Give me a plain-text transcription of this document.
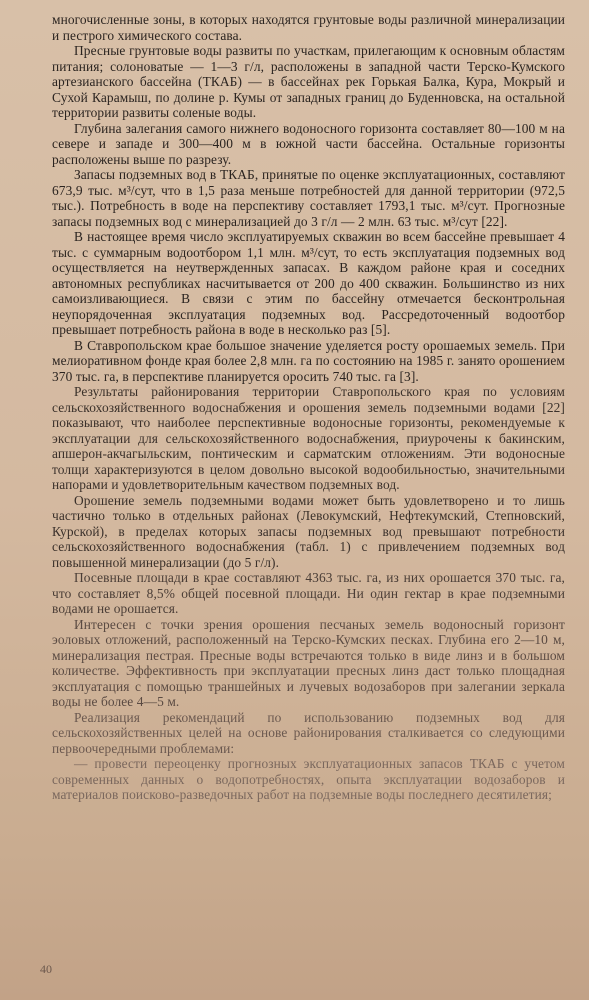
многочисленные зоны, в которых находятся грунтовые воды различной минерализации и пестрого химического состава.

Пресные грунтовые воды развиты по участкам, прилегающим к основным областям питания; солоноватые — 1—3 г/л, расположены в западной части Терско-Кумского артезианского бассейна (ТКАБ) — в бассейнах рек Горькая Балка, Кура, Мокрый и Сухой Карамыш, по долине р. Кумы от западных границ до Буденновска, на остальной территории развиты соленые воды.

Глубина залегания самого нижнего водоносного горизонта составляет 80—100 м на севере и западе и 300—400 м в южной части бассейна. Остальные горизонты расположены выше по разрезу.

Запасы подземных вод в ТКАБ, принятые по оценке эксплуатационных, составляют 673,9 тыс. м³/сут, что в 1,5 раза меньше потребностей для данной территории (972,5 тыс.). Потребность в воде на перспективу составляет 1793,1 тыс. м³/сут. Прогнозные запасы подземных вод с минерализацией до 3 г/л — 2 млн. 63 тыс. м³/сут [22].

В настоящее время число эксплуатируемых скважин во всем бассейне превышает 4 тыс. с суммарным водоотбором 1,1 млн. м³/сут, то есть эксплуатация подземных вод осуществляется на неутвержденных запасах. В каждом районе края и соседних автономных республиках насчитывается от 200 до 400 скважин. Большинство из них самоизливающиеся. В связи с этим по бассейну отмечается бесконтрольная неупорядоченная эксплуатация подземных вод. Рассредоточенный водоотбор превышает потребность района в воде в несколько раз [5].

В Ставропольском крае большое значение уделяется росту орошаемых земель. При мелиоративном фонде края более 2,8 млн. га по состоянию на 1985 г. занято орошением 370 тыс. га, в перспективе планируется оросить 740 тыс. га [3].

Результаты районирования территории Ставропольского края по условиям сельскохозяйственного водоснабжения и орошения земель подземными водами [22] показывают, что наиболее перспективные водоносные горизонты, рекомендуемые к эксплуатации для сельскохозяйственного водоснабжения, приурочены к бакинским, апшерон-акчагыльским, понтическим и сарматским отложениям. Эти водоносные толщи характеризуются в целом довольно высокой водообильностью, значительными напорами и удовлетворительным качеством подземных вод.

Орошение земель подземными водами может быть удовлетворено и то лишь частично только в отдельных районах (Левокумский, Нефтекумский, Степновский, Курской), в пределах которых запасы подземных вод превышают потребности сельскохозяйственного водоснабжения (табл. 1) с привлечением подземных вод повышенной минерализации (до 5 г/л).

Посевные площади в крае составляют 4363 тыс. га, из них орошается 370 тыс. га, что составляет 8,5% общей посевной площади. Ни один гектар в крае подземными водами не орошается.

Интересен с точки зрения орошения песчаных земель водоносный горизонт эоловых отложений, расположенный на Терско-Кумских песках. Глубина его 2—10 м, минерализация пестрая. Пресные воды встречаются только в виде линз и в большом количестве. Эффективность при эксплуатации пресных линз даст только площадная эксплуатация с помощью траншейных и лучевых водозаборов при залегании зеркала воды не более 4—5 м.

Реализация рекомендаций по использованию подземных вод для сельскохозяйственных целей на основе районирования сталкивается со следующими первоочередными проблемами:

— провести переоценку прогнозных эксплуатационных запасов ТКАБ с учетом современных данных о водопотребностях, опыта эксплуатации водозаборов и материалов поисково-разведочных работ на подземные воды последнего десятилетия;

40
